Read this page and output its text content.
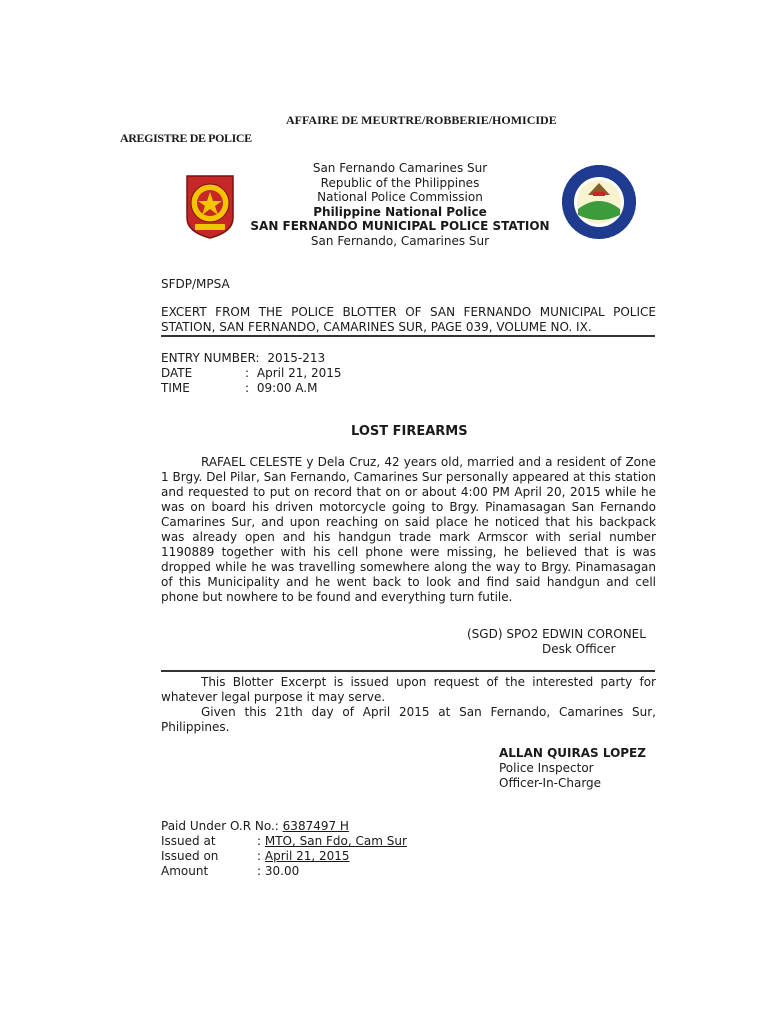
AFFAIRE DE MEURTRE/ROBBERIE/HOMICIDE
AREGISTRE DE POLICE
San Fernando Camarines Sur
Republic of the Philippines
National Police Commission
Philippine National Police
SAN FERNANDO MUNICIPAL POLICE STATION
San Fernando, Camarines Sur
SFDP/MPSA
EXCERT FROM THE POLICE BLOTTER OF SAN FERNANDO MUNICIPAL POLICE STATION, SAN FERNANDO, CAMARINES SUR, PAGE 039, VOLUME NO. IX.
ENTRY NUMBER: 2015-213
DATE	: April 21, 2015
TIME	: 09:00 A.M
LOST FIREARMS
RAFAEL CELESTE y Dela Cruz, 42 years old, married and a resident of Zone 1 Brgy. Del Pilar, San Fernando, Camarines Sur personally appeared at this station and requested to put on record that on or about 4:00 PM April 20, 2015 while he was on board his driven motorcycle going to Brgy. Pinamasagan San Fernando Camarines Sur, and upon reaching on said place he noticed that his backpack was already open and his handgun trade mark Armscor with serial number 1190889 together with his cell phone were missing, he believed that is was dropped while he was travelling somewhere along the way to Brgy. Pinamasagan of this Municipality and he went back to look and find said handgun and cell phone but nowhere to be found and everything turn futile.
(SGD) SPO2 EDWIN CORONEL
Desk Officer
This Blotter Excerpt is issued upon request of the interested party for whatever legal purpose it may serve.
Given this 21th day of April 2015 at San Fernando, Camarines Sur, Philippines.
ALLAN QUIRAS LOPEZ
Police Inspector
Officer-In-Charge
Paid Under O.R No.: 6387497 H
Issued at	: MTO, San Fdo, Cam Sur
Issued on	: April 21, 2015
Amount	: 30.00
